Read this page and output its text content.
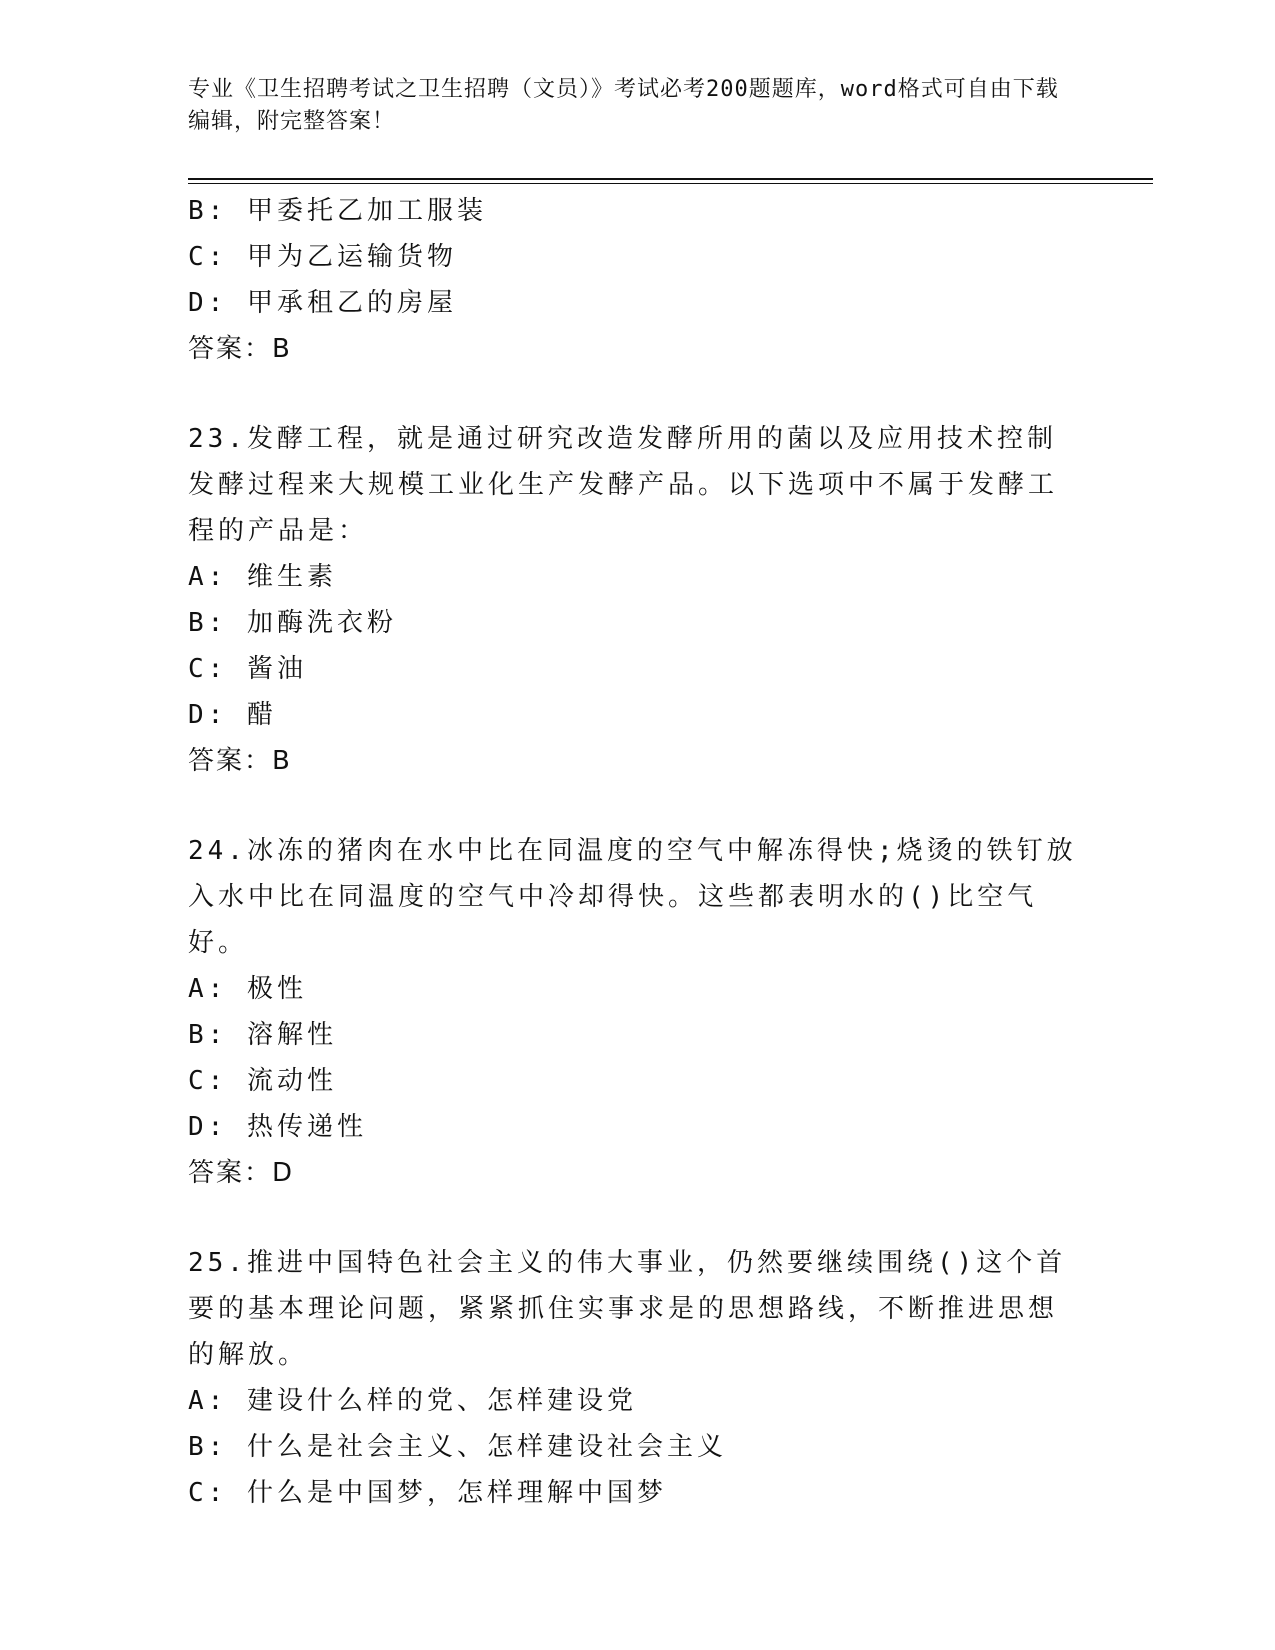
专业《卫生招聘考试之卫生招聘（文员）》考试必考200题题库，word格式可自由下载编辑，附完整答案！
B: 甲委托乙加工服装
C: 甲为乙运输货物
D: 甲承租乙的房屋
答案：B
23.发酵工程，就是通过研究改造发酵所用的菌以及应用技术控制发酵过程来大规模工业化生产发酵产品。以下选项中不属于发酵工程的产品是：
A: 维生素
B: 加酶洗衣粉
C: 酱油
D: 醋
答案：B
24.冰冻的猪肉在水中比在同温度的空气中解冻得快;烧烫的铁钉放入水中比在同温度的空气中冷却得快。这些都表明水的()比空气好。
A: 极性
B: 溶解性
C: 流动性
D: 热传递性
答案：D
25.推进中国特色社会主义的伟大事业，仍然要继续围绕()这个首要的基本理论问题，紧紧抓住实事求是的思想路线，不断推进思想的解放。
A: 建设什么样的党、怎样建设党
B: 什么是社会主义、怎样建设社会主义
C: 什么是中国梦，怎样理解中国梦
